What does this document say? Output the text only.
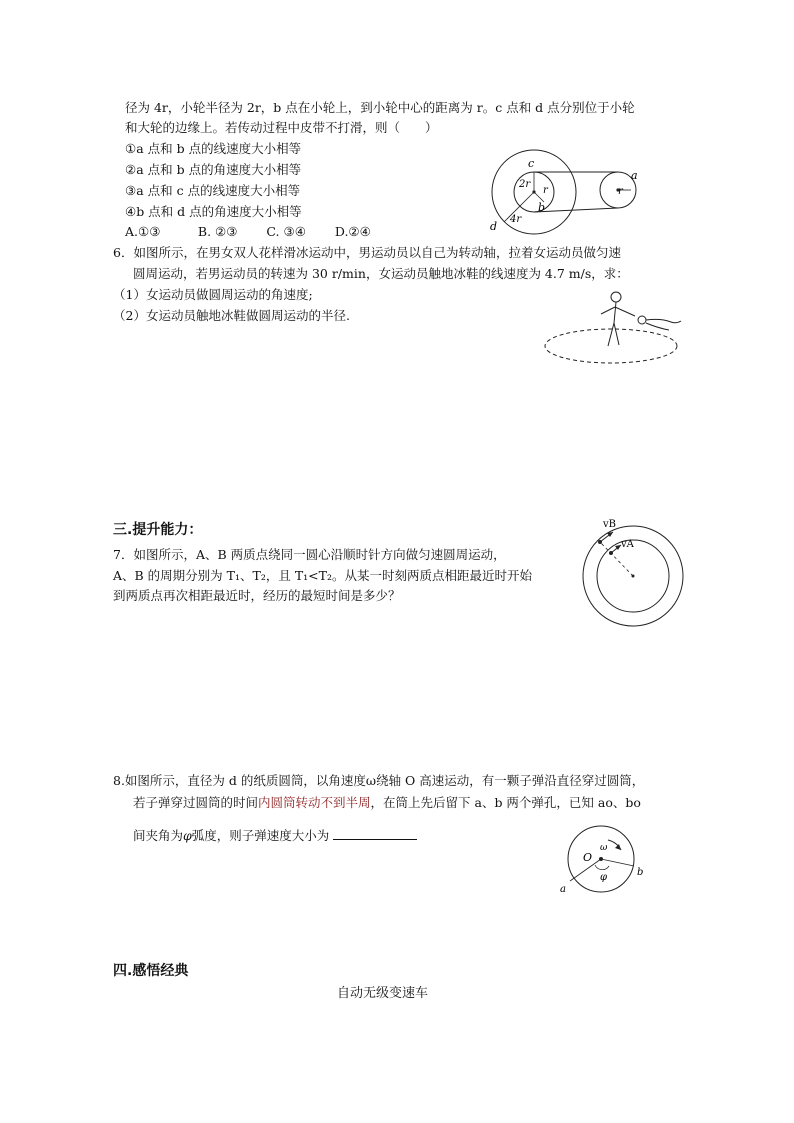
径为 4r，小轮半径为 2r，b 点在小轮上，到小轮中心的距离为 r。c 点和 d 点分别位于小轮
和大轮的边缘上。若传动过程中皮带不打滑，则（　　）
①a 点和 b 点的线速度大小相等
②a 点和 b 点的角速度大小相等
③a 点和 c 点的线速度大小相等
④b 点和 d 点的角速度大小相等
A.①③　　　B. ②③　　 C. ③④　　 D.②④
c
2r
r
b
d
4r
r
a
6．如图所示，在男女双人花样滑冰运动中，男运动员以自己为转动轴，拉着女运动员做匀速
圆周运动，若男运动员的转速为 30 r/min，女运动员触地冰鞋的线速度为 4.7 m/s，求：
（1）女运动员做圆周运动的角速度;
（2）女运动员触地冰鞋做圆周运动的半径.
三.提升能力：
7．如图所示，A、B 两质点绕同一圆心沿顺时针方向做匀速圆周运动，
A、B 的周期分别为 T₁、T₂，且 T₁<T₂。从某一时刻两质点相距最近时开始
到两质点再次相距最近时，经历的最短时间是多少？
vB
vA
8.如图所示，直径为 d 的纸质圆筒，以角速度ω绕轴 O 高速运动，有一颗子弹沿直径穿过圆筒，
若子弹穿过圆筒的时间内圆筒转动不到半周，在筒上先后留下 a、b 两个弹孔，已知 ao、bo
间夹角为φ弧度，则子弹速度大小为
O
ω
φ
a
b
四.感悟经典
自动无级变速车
